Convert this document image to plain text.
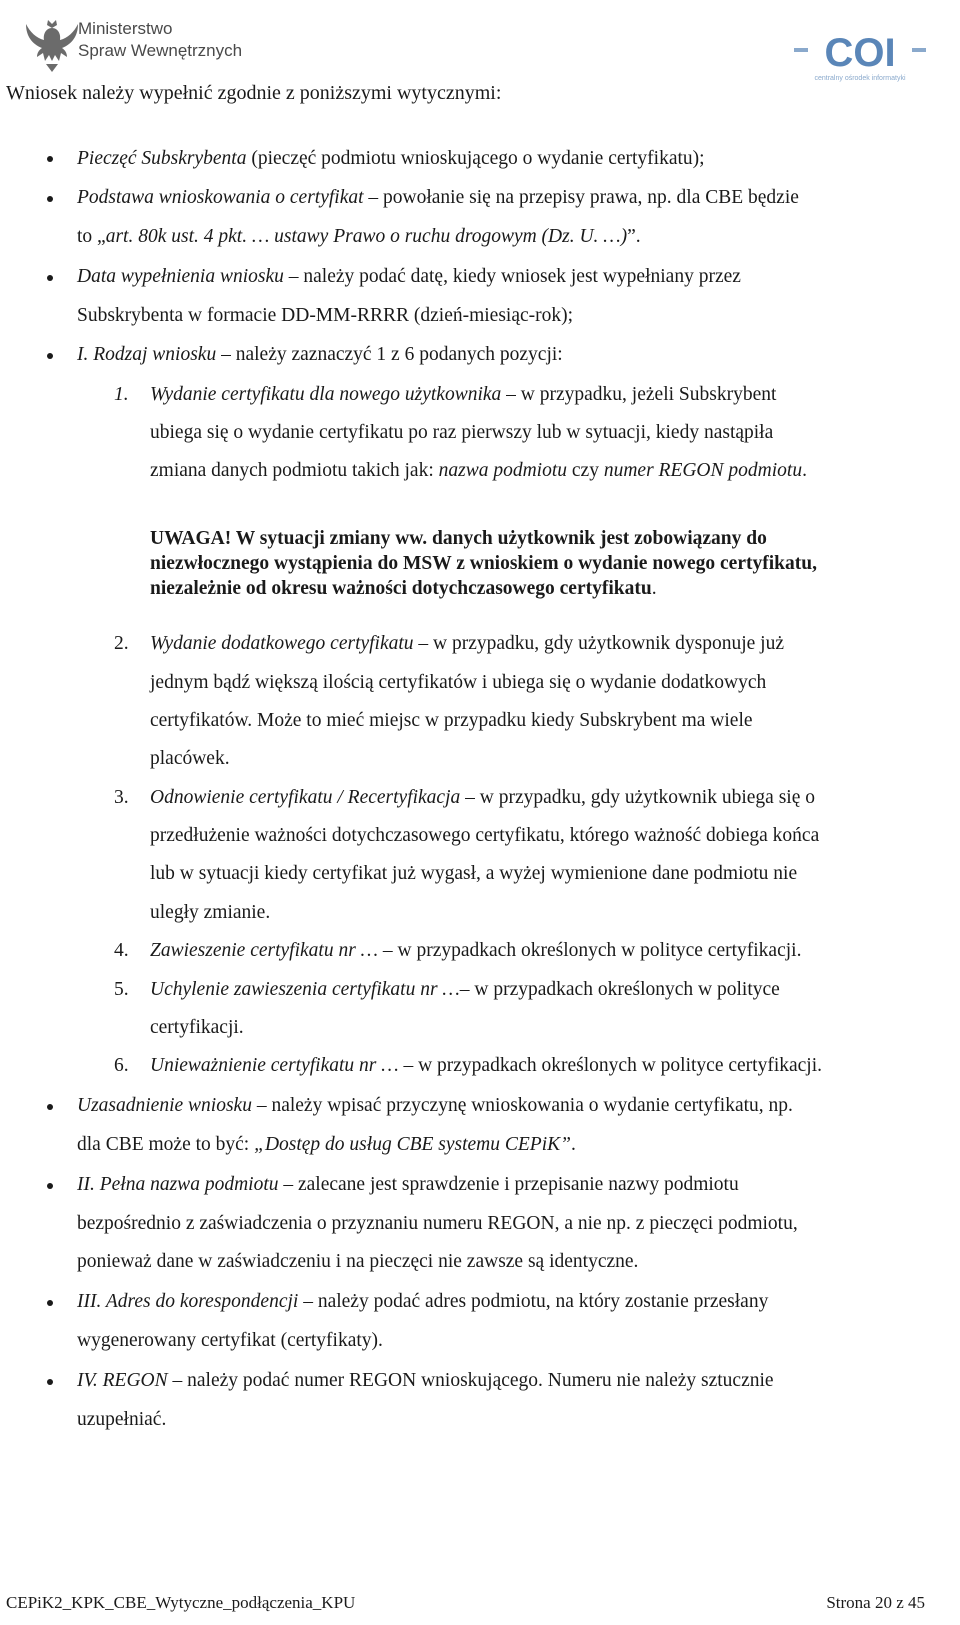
Ministerstwo
Spraw Wewnętrznych	COI
centralny ośrodek informatyki
Wniosek należy wypełnić zgodnie z poniższymi wytycznymi:
Pieczęć Subskrybenta (pieczęć podmiotu wnioskującego o wydanie certyfikatu);
Podstawa wnioskowania o certyfikat – powołanie się na przepisy prawa, np. dla CBE będzie
to „art. 80k ust. 4 pkt. … ustawy Prawo o ruchu drogowym (Dz. U. …)”.
Data wypełnienia wniosku – należy podać datę, kiedy wniosek jest wypełniany przez
Subskrybenta w formacie DD-MM-RRRR (dzień-miesiąc-rok);
I. Rodzaj wniosku – należy zaznaczyć 1 z 6 podanych pozycji:
1. Wydanie certyfikatu dla nowego użytkownika – w przypadku, jeżeli Subskrybent
ubiega się o wydanie certyfikatu po raz pierwszy lub w sytuacji, kiedy nastąpiła
zmiana danych podmiotu takich jak: nazwa podmiotu czy numer REGON podmiotu.
UWAGA! W sytuacji zmiany ww. danych użytkownik jest zobowiązany do
niezwłocznego wystąpienia do MSW z wnioskiem o wydanie nowego certyfikatu,
niezależnie od okresu ważności dotychczasowego certyfikatu.
2. Wydanie dodatkowego certyfikatu – w przypadku, gdy użytkownik dysponuje już
jednym bądź większą ilością certyfikatów i ubiega się o wydanie dodatkowych
certyfikatów. Może to mieć miejsc w przypadku kiedy Subskrybent ma wiele
placówek.
3. Odnowienie certyfikatu / Recertyfikacja – w przypadku, gdy użytkownik ubiega się o
przedłużenie ważności dotychczasowego certyfikatu, którego ważność dobiega końca
lub w sytuacji kiedy certyfikat już wygasł, a wyżej wymienione dane podmiotu nie
uległy zmianie.
4. Zawieszenie certyfikatu nr … – w przypadkach określonych w polityce certyfikacji.
5. Uchylenie zawieszenia certyfikatu nr …– w przypadkach określonych w polityce
certyfikacji.
6. Unieważnienie certyfikatu nr … – w przypadkach określonych w polityce certyfikacji.
Uzasadnienie wniosku – należy wpisać przyczynę wnioskowania o wydanie certyfikatu, np.
dla CBE może to być: „Dostęp do usług CBE systemu CEPiK”.
II. Pełna nazwa podmiotu – zalecane jest sprawdzenie i przepisanie nazwy podmiotu
bezpośrednio z zaświadczenia o przyznaniu numeru REGON, a nie np. z pieczęci podmiotu,
ponieważ dane w zaświadczeniu i na pieczęci nie zawsze są identyczne.
III. Adres do korespondencji – należy podać adres podmiotu, na który zostanie przesłany
wygenerowany certyfikat (certyfikaty).
IV. REGON – należy podać numer REGON wnioskującego. Numeru nie należy sztucznie
uzupełniać.
CEPiK2_KPK_CBE_Wytyczne_podłączenia_KPU	Strona 20 z 45
